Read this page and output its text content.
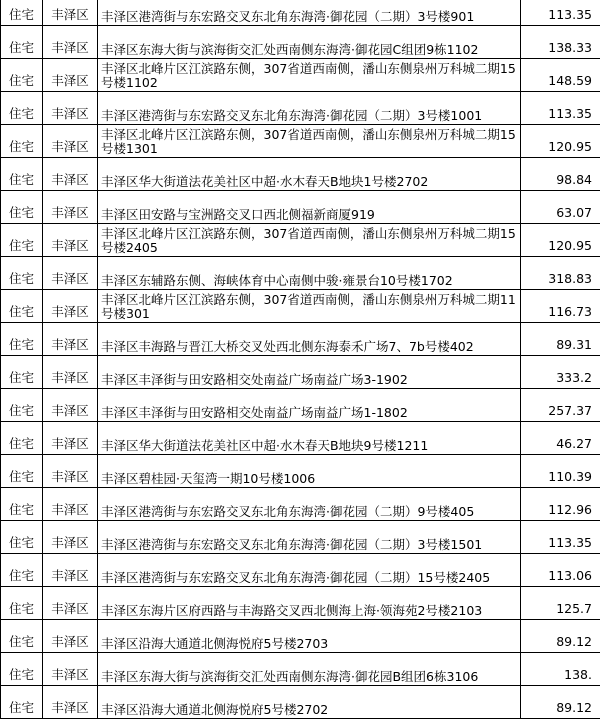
住宅	丰泽区	丰泽区港湾街与东宏路交叉东北角东海湾·御花园（二期）3号楼901	113.35
住宅	丰泽区	丰泽区东海大街与滨海街交汇处西南侧东海湾·御花园C组团9栋1102	138.33
住宅	丰泽区	丰泽区北峰片区江滨路东侧，307省道西南侧，潘山东侧泉州万科城二期15号楼1102	148.59
住宅	丰泽区	丰泽区港湾街与东宏路交叉东北角东海湾·御花园（二期）3号楼1001	113.35
住宅	丰泽区	丰泽区北峰片区江滨路东侧，307省道西南侧，潘山东侧泉州万科城二期15号楼1301	120.95
住宅	丰泽区	丰泽区华大街道法花美社区中超·水木春天B地块1号楼2702	98.84
住宅	丰泽区	丰泽区田安路与宝洲路交叉口西北侧福新商厦919	63.07
住宅	丰泽区	丰泽区北峰片区江滨路东侧，307省道西南侧，潘山东侧泉州万科城二期15号楼2405	120.95
住宅	丰泽区	丰泽区东辅路东侧、海峡体育中心南侧中骏·雍景台10号楼1702	318.83
住宅	丰泽区	丰泽区北峰片区江滨路东侧，307省道西南侧，潘山东侧泉州万科城二期11号楼301	116.73
住宅	丰泽区	丰泽区丰海路与晋江大桥交叉处西北侧东海泰禾广场7、7b号楼402	89.31
住宅	丰泽区	丰泽区丰泽街与田安路相交处南益广场南益广场3-1902	333.2
住宅	丰泽区	丰泽区丰泽街与田安路相交处南益广场南益广场1-1802	257.37
住宅	丰泽区	丰泽区华大街道法花美社区中超·水木春天B地块9号楼1211	46.27
住宅	丰泽区	丰泽区碧桂园·天玺湾一期10号楼1006	110.39
住宅	丰泽区	丰泽区港湾街与东宏路交叉东北角东海湾·御花园（二期）9号楼405	112.96
住宅	丰泽区	丰泽区港湾街与东宏路交叉东北角东海湾·御花园（二期）3号楼1501	113.35
住宅	丰泽区	丰泽区港湾街与东宏路交叉东北角东海湾·御花园（二期）15号楼2405	113.06
住宅	丰泽区	丰泽区东海片区府西路与丰海路交叉西北侧海上海·领海苑2号楼2103	125.7
住宅	丰泽区	丰泽区沿海大通道北侧海悦府5号楼2703	89.12
住宅	丰泽区	丰泽区东海大街与滨海街交汇处西南侧东海湾·御花园B组团6栋3106	138.
住宅	丰泽区	丰泽区沿海大通道北侧海悦府5号楼2702	89.12
